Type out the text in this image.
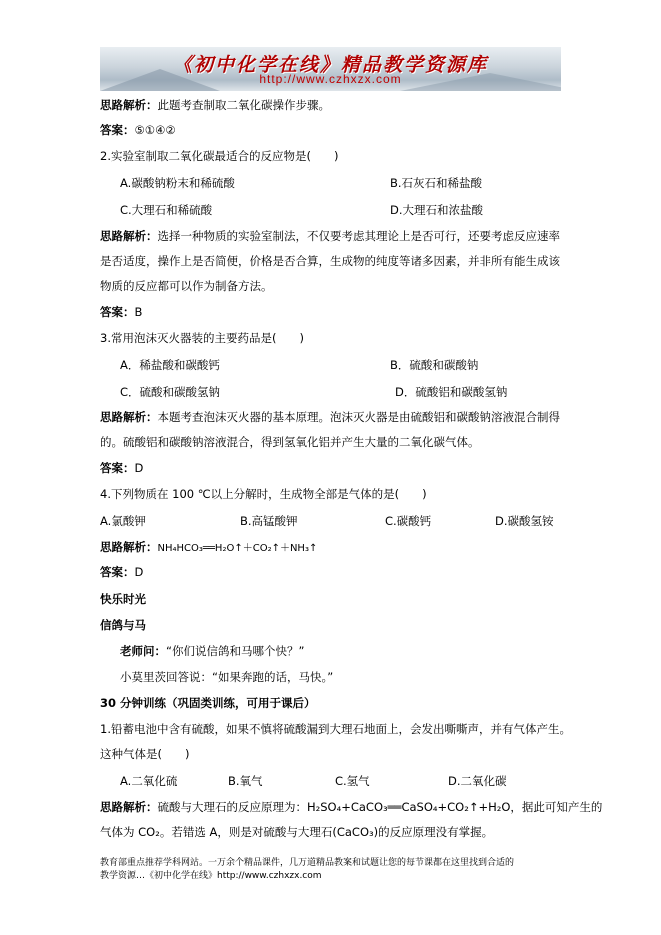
《初中化学在线》精品教学资源库
http://www.czhxzx.com
思路解析：此题考查制取二氧化碳操作步骤。
答案：⑤①④②
2.实验室制取二氧化碳最适合的反应物是(　　)
A.碳酸钠粉末和稀硫酸	B.石灰石和稀盐酸
C.大理石和稀硫酸	D.大理石和浓盐酸
思路解析：选择一种物质的实验室制法，不仅要考虑其理论上是否可行，还要考虑反应速率
是否适度，操作上是否简便，价格是否合算，生成物的纯度等诸多因素，并非所有能生成该
物质的反应都可以作为制备方法。
答案：B
3.常用泡沫灭火器装的主要药品是(　　)
A．稀盐酸和碳酸钙	B．硫酸和碳酸钠
C．硫酸和碳酸氢钠	D．硫酸铝和碳酸氢钠
思路解析：本题考查泡沫灭火器的基本原理。泡沫灭火器是由硫酸铝和碳酸钠溶液混合制得
的。硫酸铝和碳酸钠溶液混合，得到氢氧化铝并产生大量的二氧化碳气体。
答案：D
4.下列物质在 100 ℃以上分解时，生成物全部是气体的是(　　)
A.氯酸钾	B.高锰酸钾	C.碳酸钙	D.碳酸氢铵
思路解析：NH₄HCO₃══H₂O↑＋CO₂↑＋NH₃↑
答案：D
快乐时光
信鸽与马
老师问：“你们说信鸽和马哪个快？”
小莫里茨回答说：“如果奔跑的话，马快。”
30 分钟训练（巩固类训练，可用于课后）
1.铅蓄电池中含有硫酸，如果不慎将硫酸漏到大理石地面上，会发出嘶嘶声，并有气体产生。
这种气体是(　　)
A.二氧化硫	B.氧气	C.氢气	D.二氧化碳
思路解析：硫酸与大理石的反应原理为：H₂SO₄+CaCO₃══CaSO₄+CO₂↑+H₂O，据此可知产生的
气体为 CO₂。若错选 A，则是对硫酸与大理石(CaCO₃)的反应原理没有掌握。
教育部重点推荐学科网站。一万余个精品课件，几万道精品教案和试题让您的每节课都在这里找到合适的
教学资源…《初中化学在线》http://www.czhxzx.com
